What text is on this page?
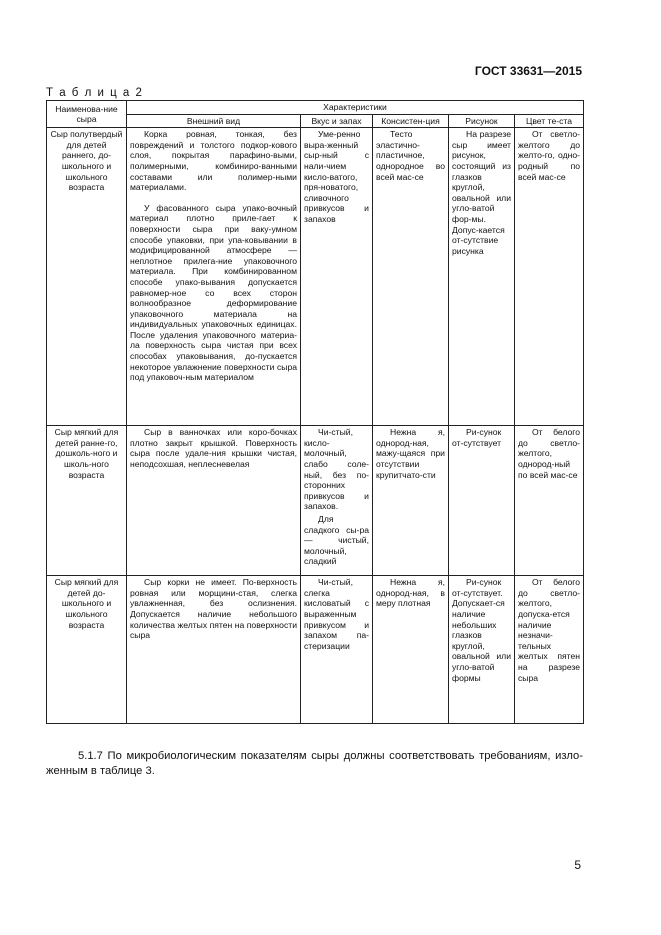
ГОСТ 33631—2015
Т а б л и ц а 2
Наименова-ние сыра	Характеристики				
	Внешний вид	Вкус и запах	Консистен-ция	Рисунок	Цвет те-ста
Сыр полутвердый для детей раннего, до-школьного и школьного возраста	Корка ровная, тонкая, без повреждений и толстого подкор-кового слоя, покрытая парафино-выми, полимерными, комбиниро-ванными составами или полимер-ными материалами.
У фасованного сыра упако-вочный материал плотно приле-гает к поверхности сыра при ваку-умном способе упаковки, при упа-ковывании в модифицированной атмосфере — неплотное прилега-ние упаковочного материала. При комбинированном способе упако-вывания допускается равномер-ное со всех сторон волнообразное деформирование упаковочного материала на индивидуальных упаковочных единицах. После удаления упаковочного материа-ла поверхность сыра чистая при всех способах упаковывания, до-пускается некоторое увлажнение поверхности сыра под упаковоч-ным материалом	Уме-ренно выра-женный сыр-ный с нали-чием кисло-ватого, пря-новатого, сливочного привкусов и запахов	Тесто эластично-пластичное, однородное во всей мас-се	На разрезе сыр имеет рисунок, состоящий из глазков круглой, овальной или угло-ватой фор-мы. Допус-кается от-сутствие рисунка	От светло-желтого до желто-го, одно-родный по всей мас-се
Сыр мягкий для детей ранне-го, дошколь-ного и школь-ного возраста	Сыр в ванночках или коро-бочках плотно закрыт крышкой. Поверхность сыра после удале-ния крышки чистая, неподсохшая, неплесневелая	Чи-стый, кисло-молочный, слабо соле-ный, без по-сторонних привкусов и запахов.
Для сладкого сы-ра — чистый, молочный, сладкий	Нежна я, однород-ная, мажу-щаяся при отсутствии крупитчато-сти	Ри-сунок от-сутствует	От белого до светло-желтого, однород-ный по всей мас-се
Сыр мягкий для детей до-школьного и школьного возраста	Сыр корки не имеет. По-верхность ровная или морщини-стая, слегка увлажненная, без ослизнения. Допускается наличие небольшого количества желтых пятен на поверхности сыра	Чи-стый, слегка кисловатый с выраженным привкусом и запахом па-стеризации	Нежна я, однород-ная, в меру плотная	Ри-сунок от-сутствует. Допускает-ся наличие небольших глазков круглой, овальной или угло-ватой формы	От белого до светло-желтого, допуска-ется наличие незначи-тельных желтых пятен на разрезе сыра
5.1.7 По микробиологическим показателям сыры должны соответствовать требованиям, изло-женным в таблице 3.
5
